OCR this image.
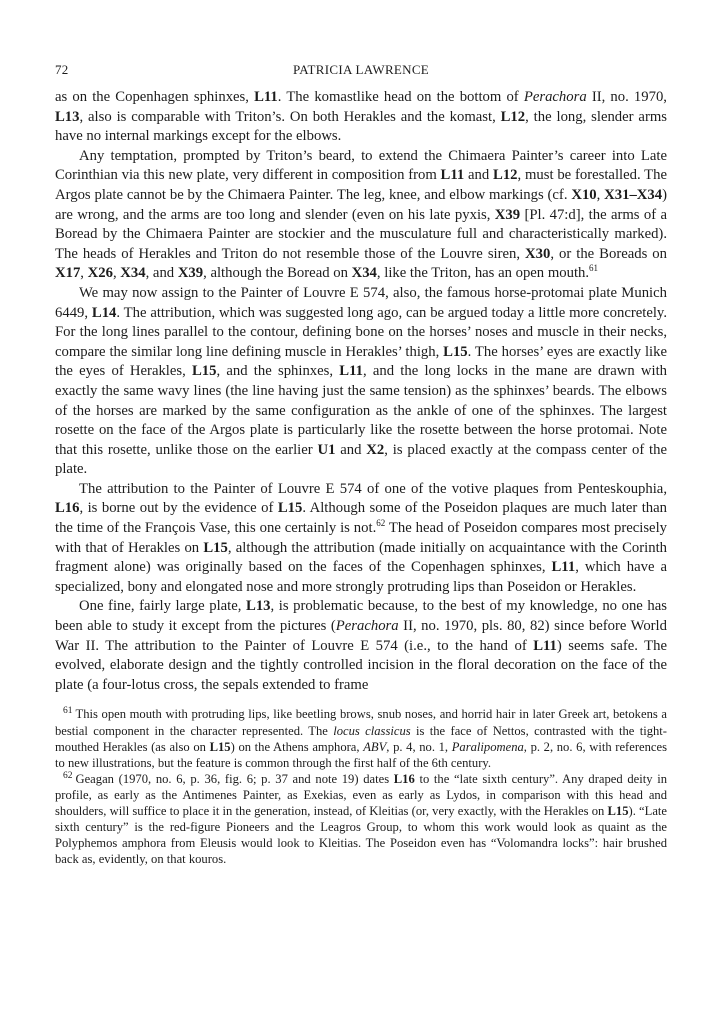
72	PATRICIA LAWRENCE

as on the Copenhagen sphinxes, L11. The komastlike head on the bottom of Perachora II, no. 1970, L13, also is comparable with Triton’s. On both Herakles and the komast, L12, the long, slender arms have no internal markings except for the elbows.

Any temptation, prompted by Triton’s beard, to extend the Chimaera Painter’s career into Late Corinthian via this new plate, very different in composition from L11 and L12, must be forestalled. The Argos plate cannot be by the Chimaera Painter. The leg, knee, and elbow markings (cf. X10, X31–X34) are wrong, and the arms are too long and slender (even on his late pyxis, X39 [Pl. 47:d], the arms of a Boread by the Chimaera Painter are stockier and the musculature full and characteristically marked). The heads of Herakles and Triton do not resemble those of the Louvre siren, X30, or the Boreads on X17, X26, X34, and X39, although the Boread on X34, like the Triton, has an open mouth.$^{61}$

We may now assign to the Painter of Louvre E 574, also, the famous horse-protomai plate Munich 6449, L14. The attribution, which was suggested long ago, can be argued today a little more concretely. For the long lines parallel to the contour, defining bone on the horses’ noses and muscle in their necks, compare the similar long line defining muscle in Herakles’ thigh, L15. The horses’ eyes are exactly like the eyes of Herakles, L15, and the sphinxes, L11, and the long locks in the mane are drawn with exactly the same wavy lines (the line having just the same tension) as the sphinxes’ beards. The elbows of the horses are marked by the same configuration as the ankle of one of the sphinxes. The largest rosette on the face of the Argos plate is particularly like the rosette between the horse protomai. Note that this rosette, unlike those on the earlier U1 and X2, is placed exactly at the compass center of the plate.

The attribution to the Painter of Louvre E 574 of one of the votive plaques from Penteskouphia, L16, is borne out by the evidence of L15. Although some of the Poseidon plaques are much later than the time of the François Vase, this one certainly is not.$^{62}$ The head of Poseidon compares most precisely with that of Herakles on L15, although the attribution (made initially on acquaintance with the Corinth fragment alone) was originally based on the faces of the Copenhagen sphinxes, L11, which have a specialized, bony and elongated nose and more strongly protruding lips than Poseidon or Herakles.

One fine, fairly large plate, L13, is problematic because, to the best of my knowledge, no one has been able to study it except from the pictures (Perachora II, no. 1970, pls. 80, 82) since before World War II. The attribution to the Painter of Louvre E 574 (i.e., to the hand of L11) seems safe. The evolved, elaborate design and the tightly controlled incision in the floral decoration on the face of the plate (a four-lotus cross, the sepals extended to frame

$^{61}$ This open mouth with protruding lips, like beetling brows, snub noses, and horrid hair in later Greek art, betokens a bestial component in the character represented. The locus classicus is the face of Nettos, contrasted with the tight-mouthed Herakles (as also on L15) on the Athens amphora, ABV, p. 4, no. 1, Paralipomena, p. 2, no. 6, with references to new illustrations, but the feature is common through the first half of the 6th century.

$^{62}$ Geagan (1970, no. 6, p. 36, fig. 6; p. 37 and note 19) dates L16 to the “late sixth century”. Any draped deity in profile, as early as the Antimenes Painter, as Exekias, even as early as Lydos, in comparison with this head and shoulders, will suffice to place it in the generation, instead, of Kleitias (or, very exactly, with the Herakles on L15). “Late sixth century” is the red-figure Pioneers and the Leagros Group, to whom this work would look as quaint as the Polyphemos amphora from Eleusis would look to Kleitias. The Poseidon even has “Volomandra locks”: hair brushed back as, evidently, on that kouros.
